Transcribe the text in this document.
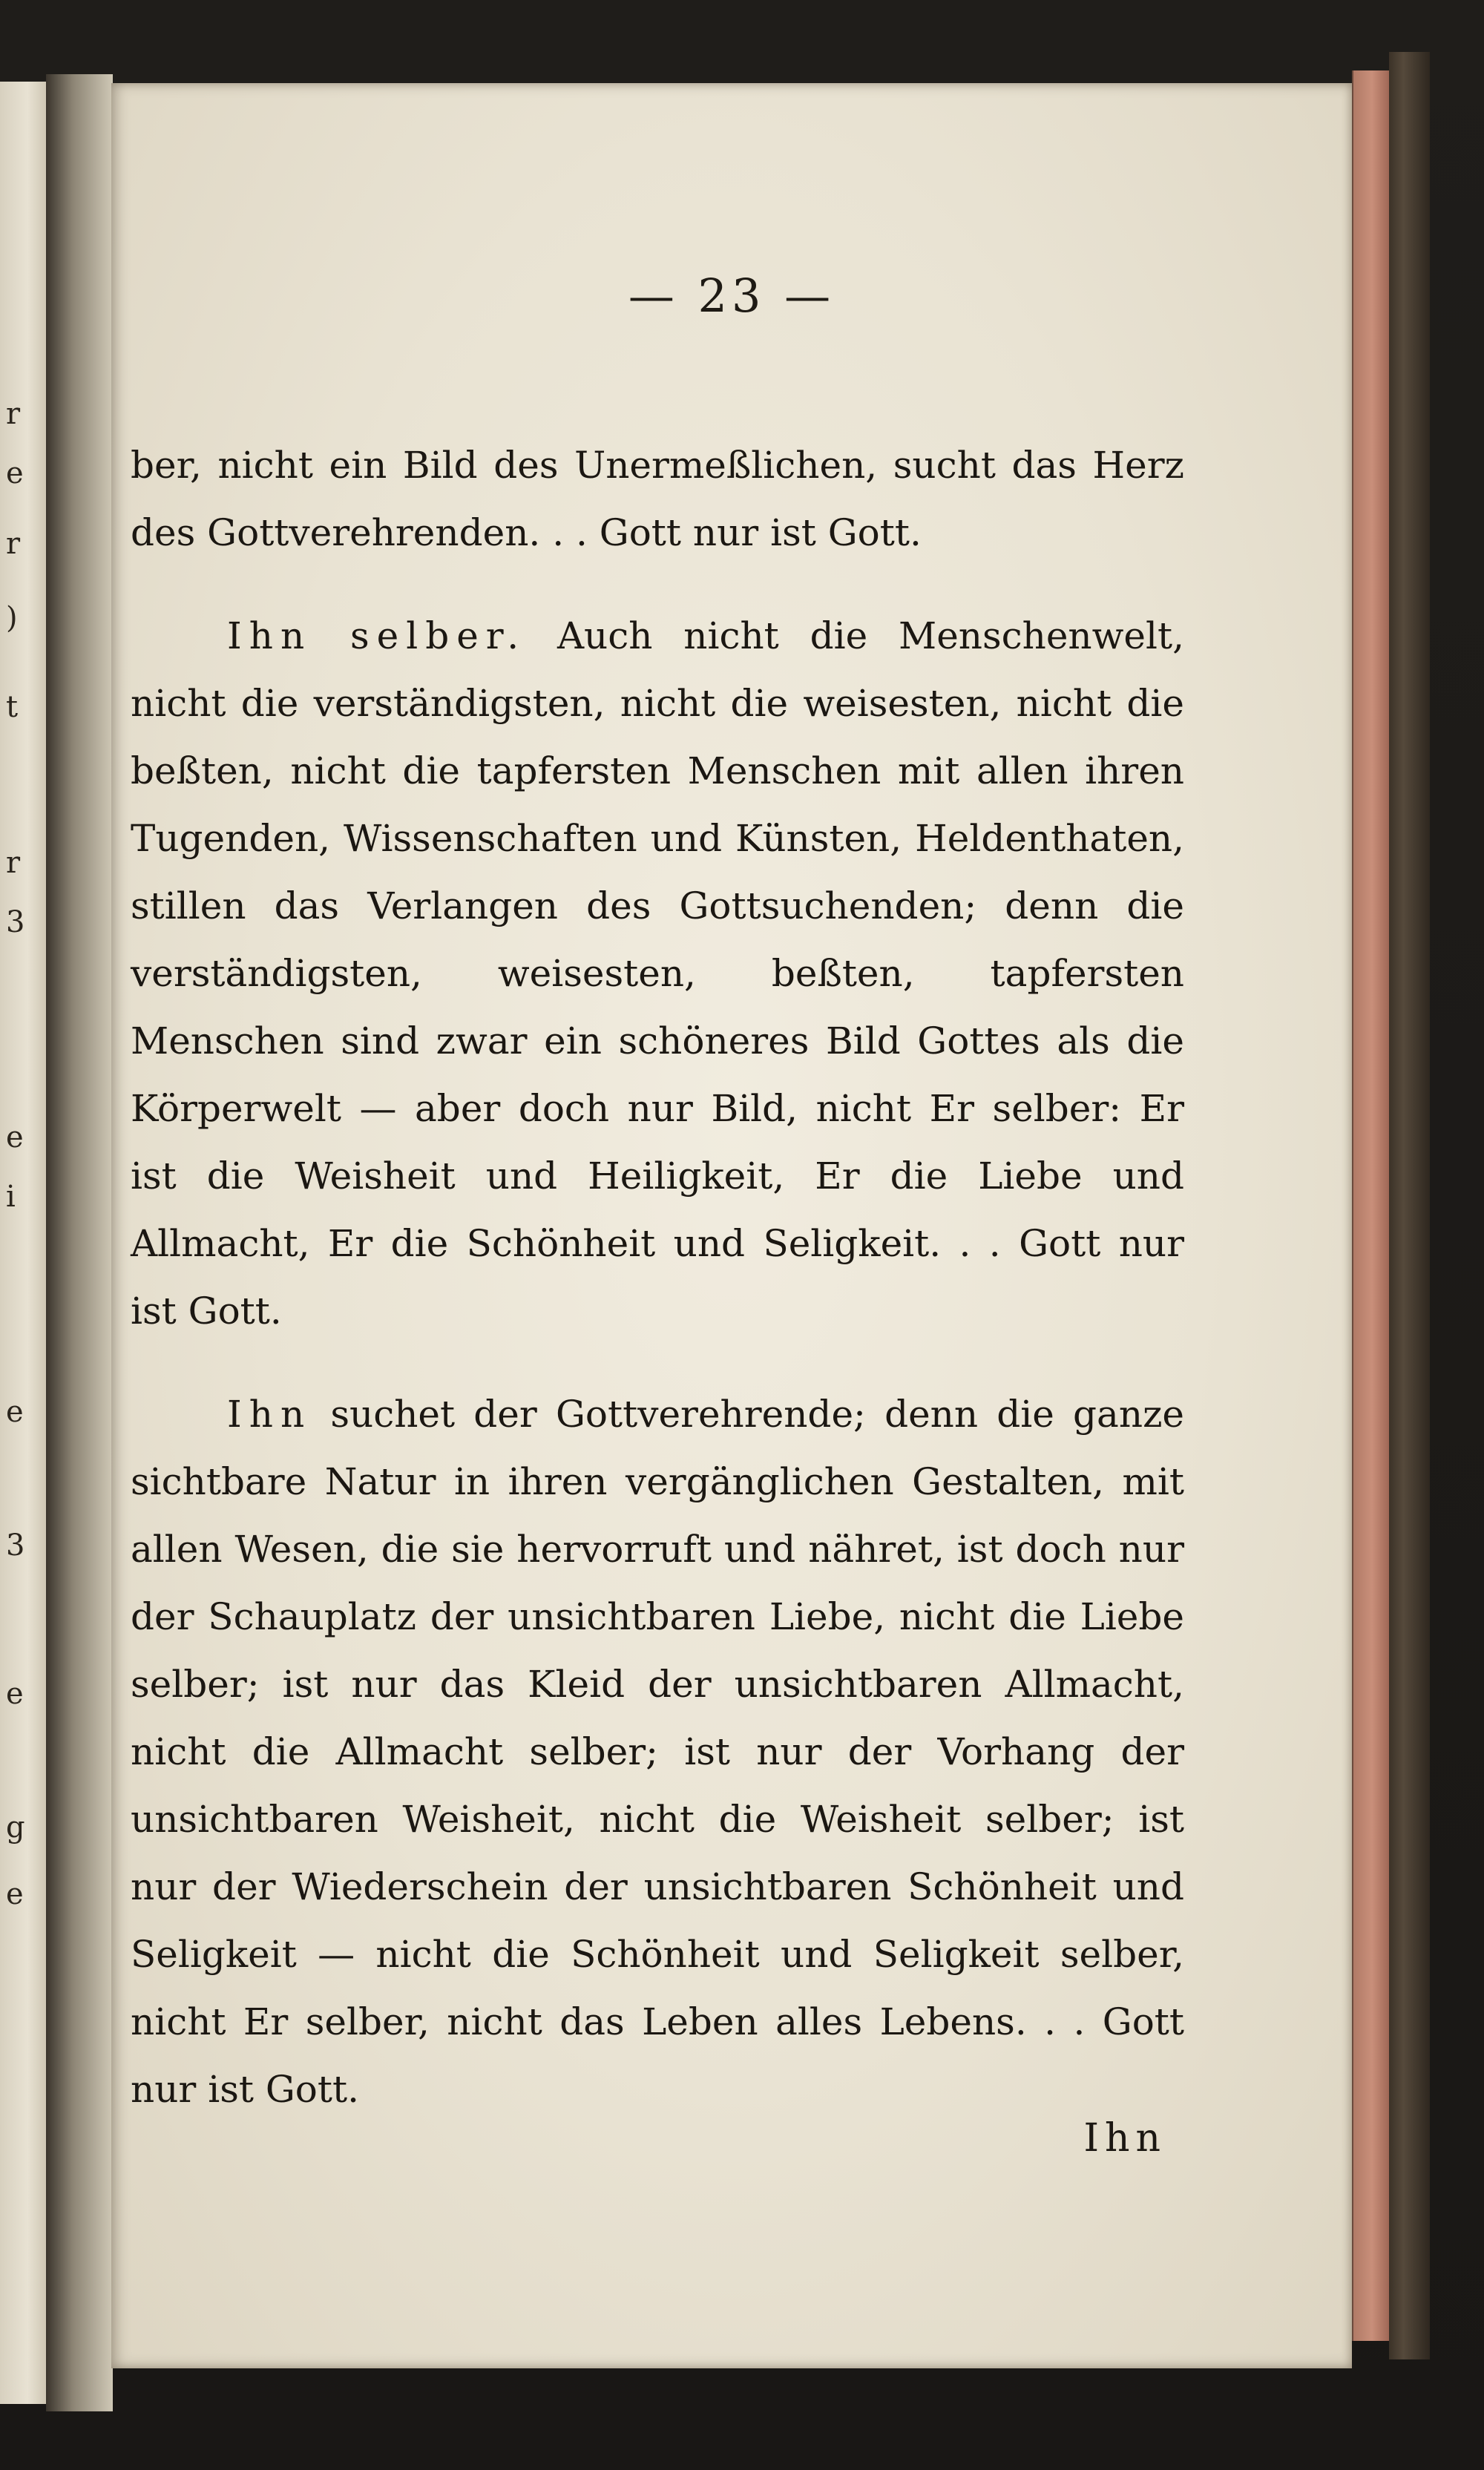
r
e
r
)
t
r
3
e
i
e
3
e
g
e
— 23 —

ber, nicht ein Bild des Unermeßlichen, sucht das Herz des Gottverehrenden. . . Gott nur ist Gott.

Ihn selber. Auch nicht die Menschenwelt, nicht die verständigsten, nicht die weisesten, nicht die beßten, nicht die tapfersten Menschen mit allen ihren Tugenden, Wissenschaften und Künsten, Heldenthaten, stillen das Verlangen des Gottsuchenden; denn die verständigsten, weisesten, beßten, tapfersten Menschen sind zwar ein schöneres Bild Gottes als die Körperwelt — aber doch nur Bild, nicht Er selber: Er ist die Weisheit und Heiligkeit, Er die Liebe und Allmacht, Er die Schönheit und Seligkeit. . . Gott nur ist Gott.

Ihn suchet der Gottverehrende; denn die ganze sichtbare Natur in ihren vergänglichen Gestalten, mit allen Wesen, die sie hervorruft und nähret, ist doch nur der Schauplatz der unsichtbaren Liebe, nicht die Liebe selber; ist nur das Kleid der unsichtbaren Allmacht, nicht die Allmacht selber; ist nur der Vorhang der unsichtbaren Weisheit, nicht die Weisheit selber; ist nur der Wiederschein der unsichtbaren Schönheit und Seligkeit — nicht die Schönheit und Seligkeit selber, nicht Er selber, nicht das Leben alles Lebens. . . Gott nur ist Gott.

Ihn
